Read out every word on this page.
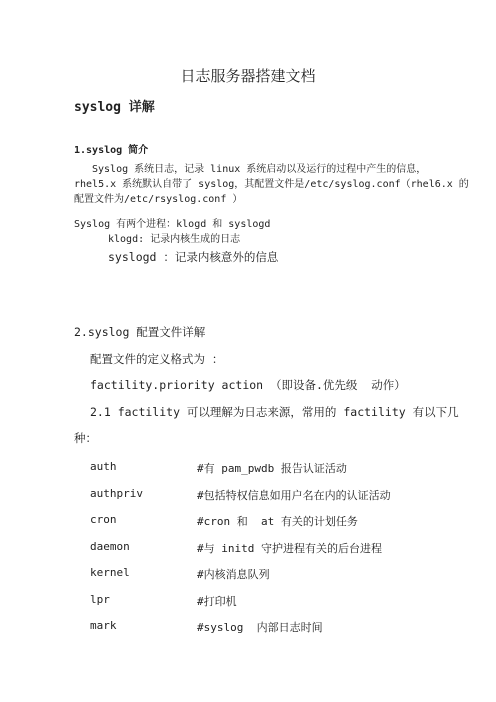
日志服务器搭建文档
syslog 详解
1.syslog 简介
Syslog 系统日志，记录 linux 系统启动以及运行的过程中产生的信息，
rhel5.x 系统默认自带了 syslog，其配置文件是/etc/syslog.conf（rhel6.x 的
配置文件为/etc/rsyslog.conf ）
Syslog 有两个进程：klogd 和 syslogd
klogd: 记录内核生成的日志
syslogd ：记录内核意外的信息
2.syslog 配置文件详解
配置文件的定义格式为 ：
factility.priority action （即设备.优先级  动作）
2.1 factility 可以理解为日志来源，常用的 factility 有以下几
种：
auth	#有 pam_pwdb 报告认证活动
authpriv	#包括特权信息如用户名在内的认证活动
cron	#cron 和  at 有关的计划任务
daemon	#与 initd 守护进程有关的后台进程
kernel	#内核消息队列
lpr	#打印机
mark	#syslog  内部日志时间
